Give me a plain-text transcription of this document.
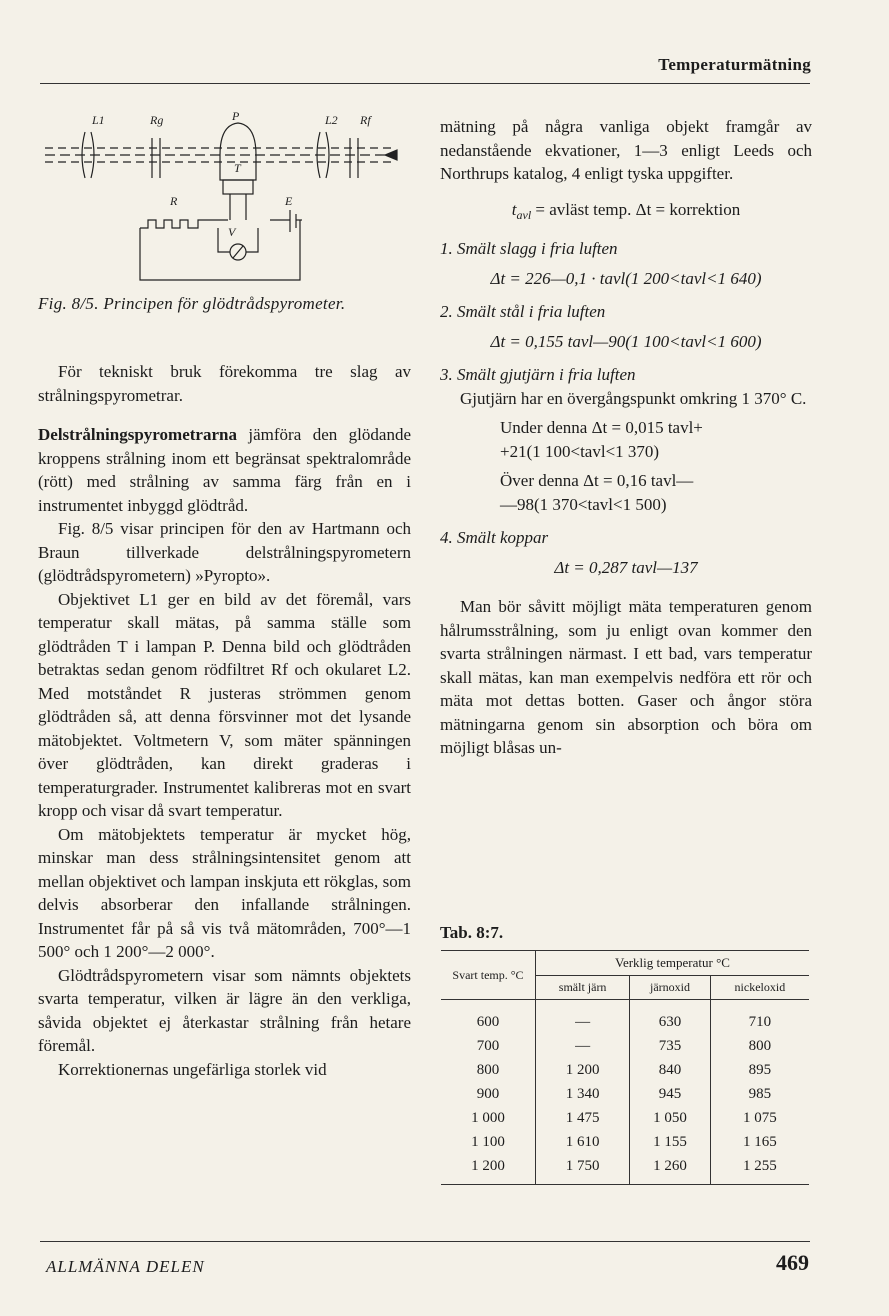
Temperaturmätning
L1	Rg	P	L2 Rf
T
R	E
V
Fig. 8/5. Principen för glödtrådspyrometer.

För tekniskt bruk förekomma tre slag av strålningspyrometrar.

Delstrålningspyrometrarna jämföra den glödande kroppens strålning inom ett begränsat spektralområde (rött) med strålning av samma färg från en i instrumentet inbyggd glödtråd.

Fig. 8/5 visar principen för den av Hartmann och Braun tillverkade delstrålningspyrometern (glödtrådspyrometern) »Pyropto».

Objektivet L1 ger en bild av det föremål, vars temperatur skall mätas, på samma ställe som glödtråden T i lampan P. Denna bild och glödtråden betraktas sedan genom rödfiltret Rf och okularet L2. Med motståndet R justeras strömmen genom glödtråden så, att denna försvinner mot det lysande mätobjektet. Voltmetern V, som mäter spänningen över glödtråden, kan direkt graderas i temperaturgrader. Instrumentet kalibreras mot en svart kropp och visar då svart temperatur.

Om mätobjektets temperatur är mycket hög, minskar man dess strålningsintensitet genom att mellan objektivet och lampan inskjuta ett rökglas, som delvis absorberar den infallande strålningen. Instrumentet får på så vis två mätområden, 700°—1 500° och 1 200°—2 000°.

Glödtrådspyrometern visar som nämnts objektets svarta temperatur, vilken är lägre än den verkliga, såvida objektet ej återkastar strålning från hetare föremål.

Korrektionernas ungefärliga storlek vid

mätning på några vanliga objekt framgår av nedanstående ekvationer, 1—3 enligt Leeds och Northrups katalog, 4 enligt tyska uppgifter.

$t_{avl}$ = avläst temp. Δt = korrektion

1. Smält slagg i fria luften

Δt = 226—0,1 · tavl(1 200<tavl<1 640)

2. Smält stål i fria luften

Δt = 0,155 tavl—90(1 100<tavl<1 600)

3. Smält gjutjärn i fria luften

Gjutjärn har en övergångspunkt omkring 1 370° C.

Under denna Δt = 0,015 tavl+

+21(1 100<tavl<1 370)

Över denna Δt = 0,16 tavl—

—98(1 370<tavl<1 500)

4. Smält koppar

Δt = 0,287 tavl—137

Man bör såvitt möjligt mäta temperaturen genom hålrumsstrålning, som ju enligt ovan kommer den svarta strålningen närmast. I ett bad, vars temperatur skall mätas, kan man exempelvis nedföra ett rör och mäta mot dettas botten. Gaser och ångor störa mätningarna genom sin absorption och böra om möjligt blåsas un-

Tab. 8:7.
Svart temp. °C	Verklig temperatur °C		
	smält järn	järnoxid	nickeloxid
600	—	630	710
700	—	735	800
800	1 200	840	895
900	1 340	945	985
1 000	1 475	1 050	1 075
1 100	1 610	1 155	1 165
1 200	1 750	1 260	1 255
ALLMÄNNA DELEN	469
